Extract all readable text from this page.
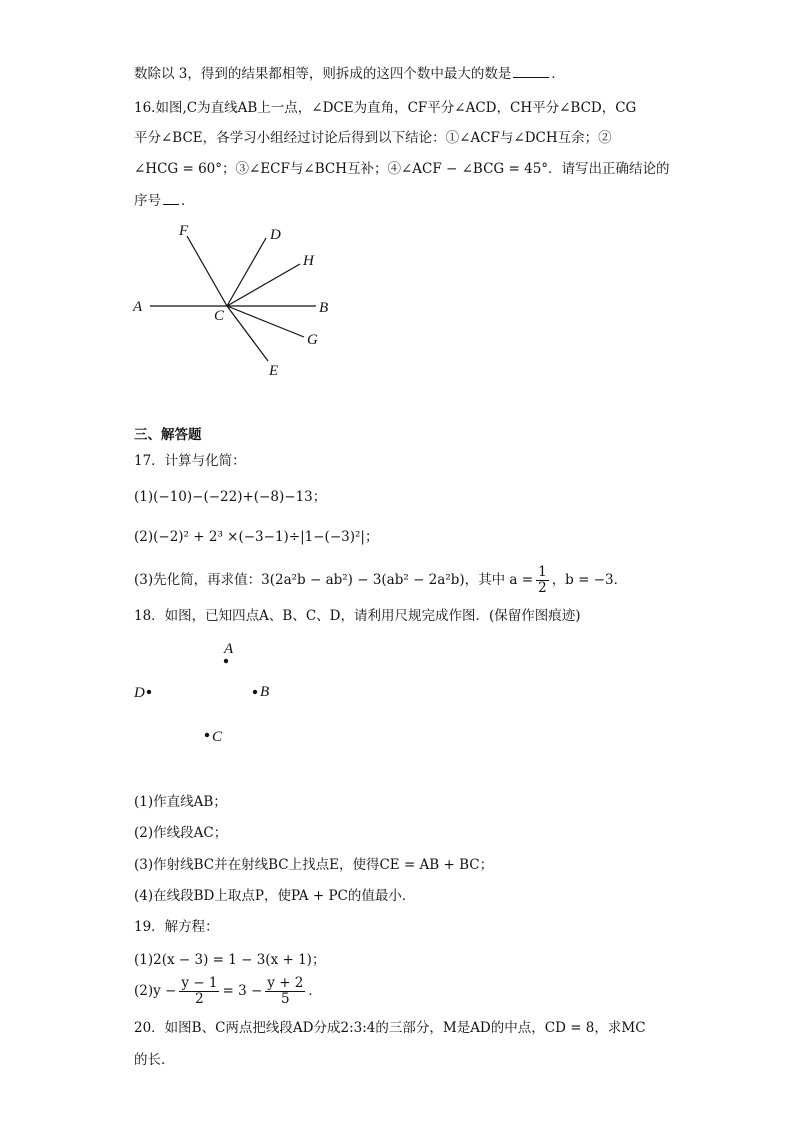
数除以 3，得到的结果都相等，则拆成的这四个数中最大的数是	．
16.如图,C为直线AB上一点，∠DCE为直角，CF平分∠ACD，CH平分∠BCD，CG
平分∠BCE，各学习小组经过讨论后得到以下结论：①∠ACF与∠DCH互余；②
∠HCG = 60°；③∠ECF与∠BCH互补；④∠ACF − ∠BCG = 45°．请写出正确结论的
序号 ．
F	D
H
A
C	B
G
E
A
D	B
C
三、解答题
17．计算与化简：
(1)(−10)−(−22)+(−8)−13；
(2)(−2)² + 2³ ×(−3−1)÷|1−(−3)²|；
(3)先化简，再求值：3(2a²b − ab²) − 3(ab² − 2a²b)，其中 $a = \frac{1}{2}$ ，b = −3．
18．如图，已知四点A、B、C、D，请利用尺规完成作图．(保留作图痕迹)
(1)作直线AB；
(2)作线段AC；
(3)作射线BC并在射线BC上找点E，使得CE = AB + BC；
(4)在线段BD上取点P，使PA + PC的值最小．
19．解方程：
(1)2(x − 3) = 1 − 3(x + 1)；
$(2)y - \frac{y - 1}{2} = 3 - \frac{y + 2}{5}$ ．
20．如图B、C两点把线段AD分成2:3:4的三部分，M是AD的中点，CD = 8，求MC
的长．
